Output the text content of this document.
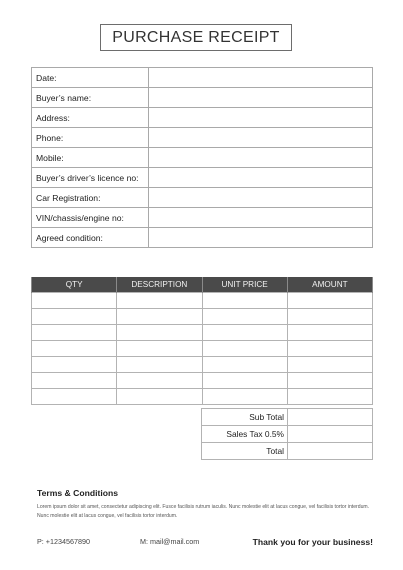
PURCHASE RECEIPT
Date:	
Buyer’s name:	
Address:	
Phone:	
Mobile:	
Buyer’s driver’s licence no:	
Car Registration:	
VIN/chassis/engine no:	
Agreed condition:	
QTY	DESCRIPTION	UNIT PRICE	AMOUNT

Sub Total	
Sales Tax 0.5%	
Total	
Terms & Conditions
Lorem ipsum dolor sit amet, consectetur adipiscing elit. Fusce facilisis rutrum iaculis. Nunc molestie elit at lacus congue, vel facilisis tortor interdum. Nunc molestie elit at lacus congue, vel facilisis tortor interdum.
P: +1234567890	M: mail@mail.com	Thank you for your business!
